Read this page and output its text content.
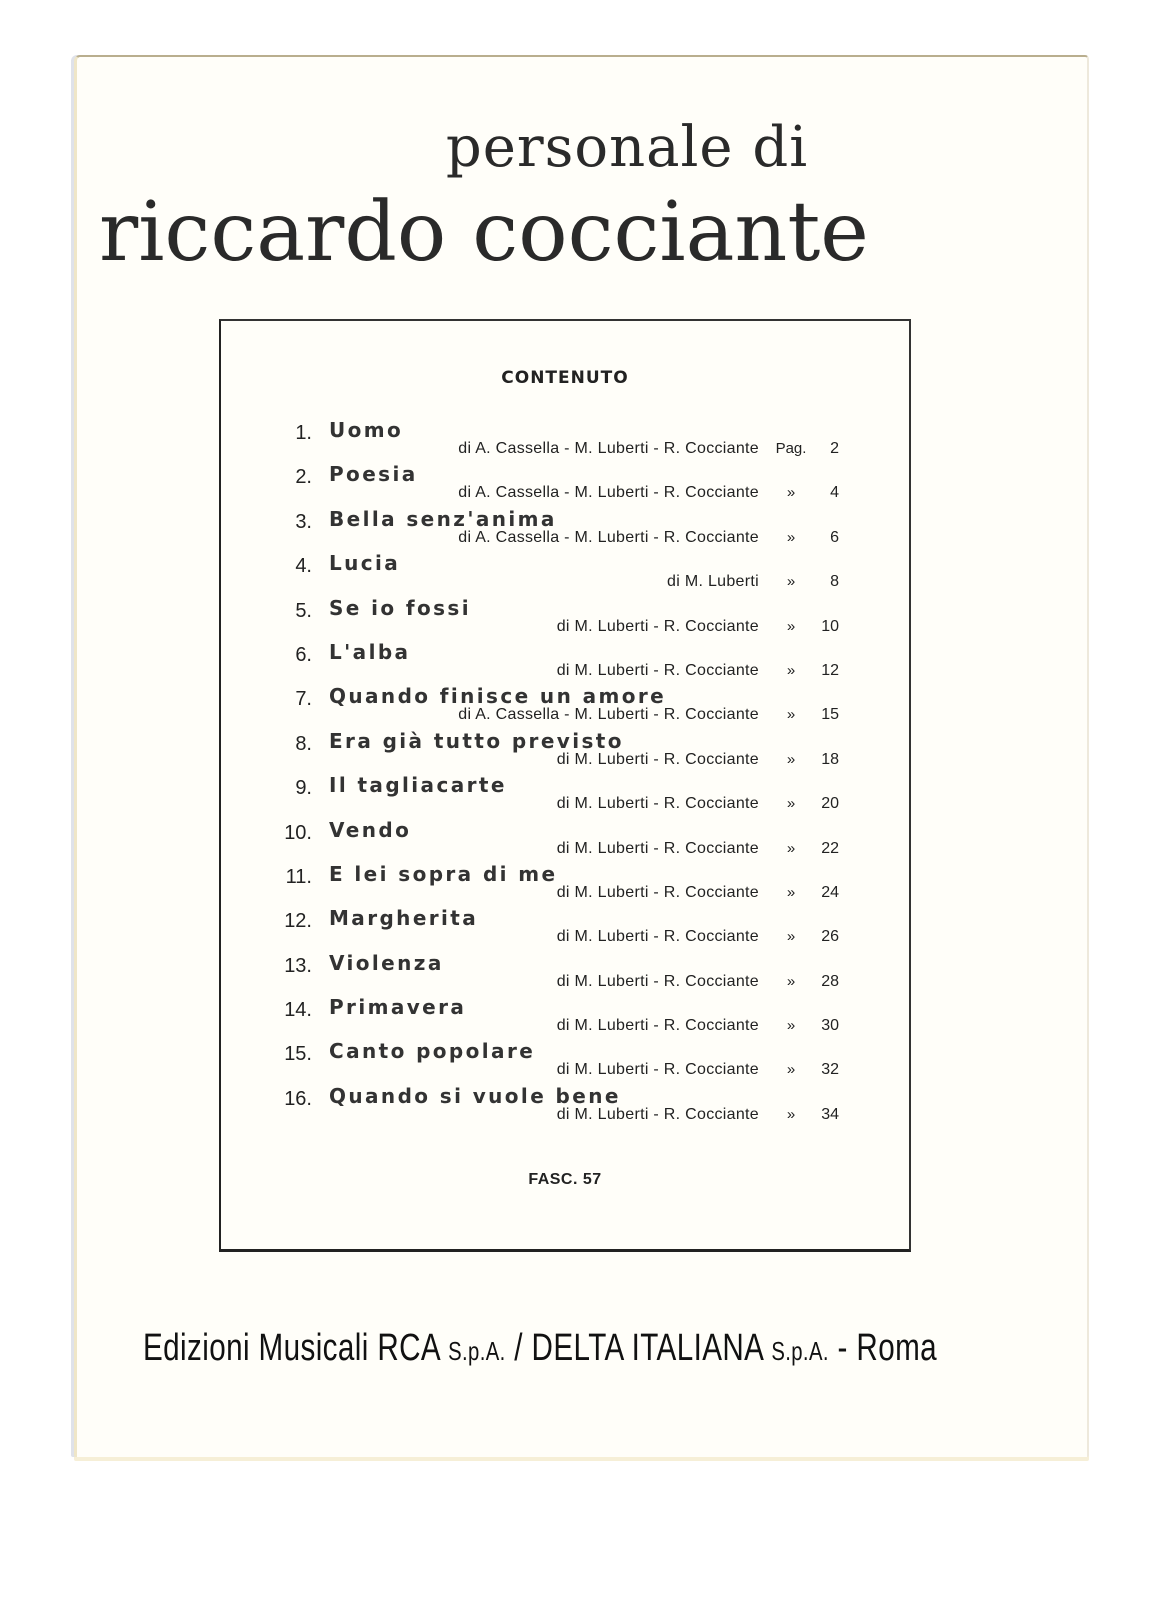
personale di
riccardo cocciante
CONTENUTO
1. Uomo
di A. Cassella - M. Luberti - R. Cocciante	Pag.	2
2. Poesia
di A. Cassella - M. Luberti - R. Cocciante	»	4
3. Bella senz'anima
di A. Cassella - M. Luberti - R. Cocciante	»	6
4. Lucia
di M. Luberti	»	8
5. Se io fossi
di M. Luberti - R. Cocciante	»	10
6. L'alba
di M. Luberti - R. Cocciante	»	12
7. Quando finisce un amore
di A. Cassella - M. Luberti - R. Cocciante	»	15
8. Era già tutto previsto
di M. Luberti - R. Cocciante	»	18
9. Il tagliacarte
di M. Luberti - R. Cocciante	»	20
10. Vendo
di M. Luberti - R. Cocciante	»	22
11. E lei sopra di me
di M. Luberti - R. Cocciante	»	24
12. Margherita
di M. Luberti - R. Cocciante	»	26
13. Violenza
di M. Luberti - R. Cocciante	»	28
14. Primavera
di M. Luberti - R. Cocciante	»	30
15. Canto popolare
di M. Luberti - R. Cocciante	»	32
16. Quando si vuole bene
di M. Luberti - R. Cocciante	»	34
FASC. 57
Edizioni Musicali RCA S.p.A. / DELTA ITALIANA S.p.A. - Roma
